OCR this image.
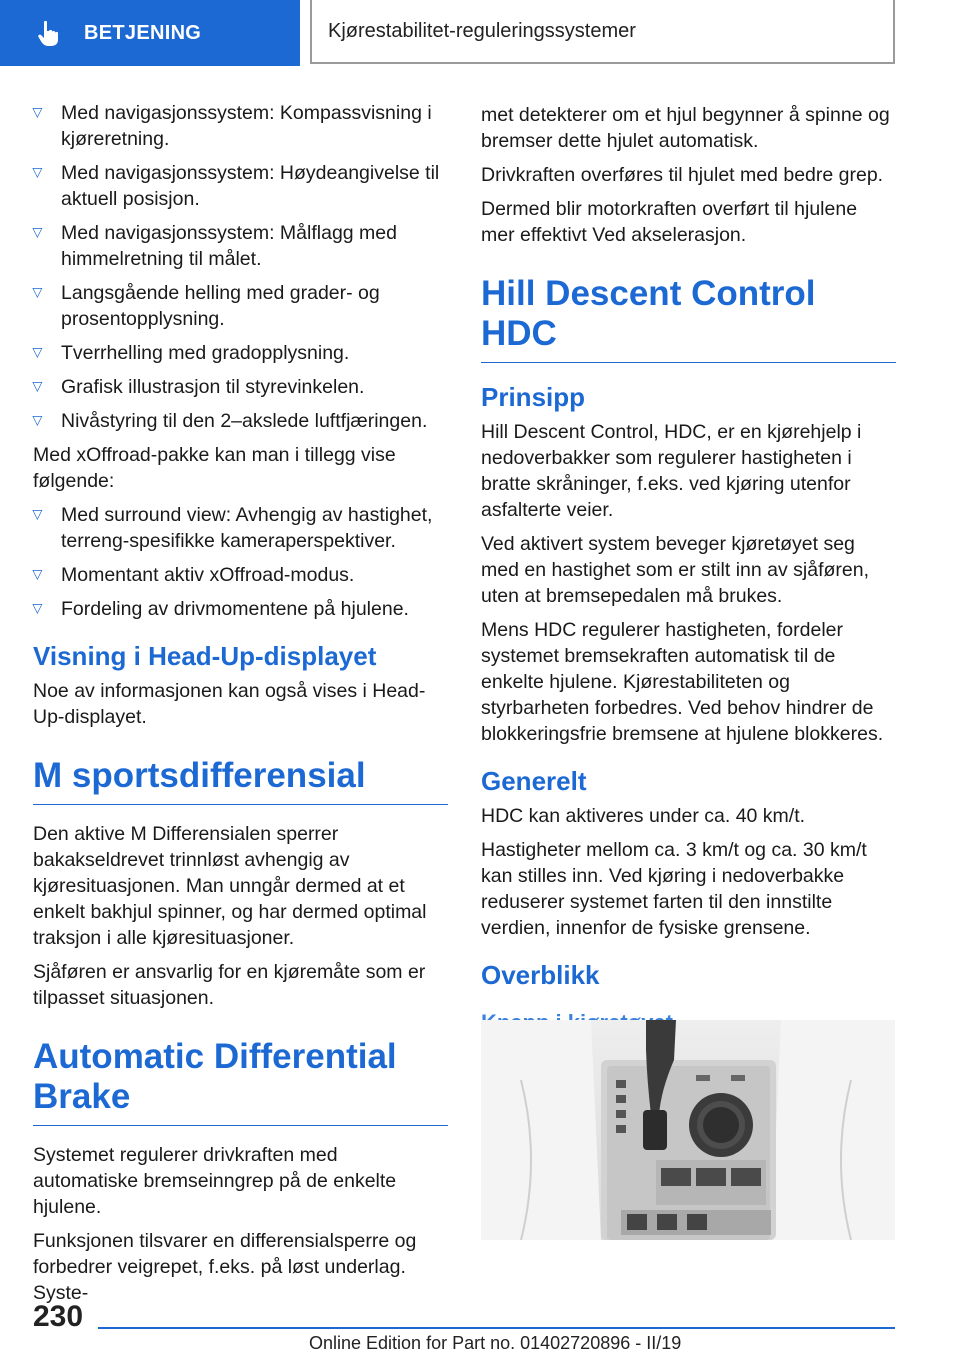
BETJENING	Kjørestabilitet-reguleringssystemer
▷ Med navigasjonssystem: Kompassvisning i kjøreretning.
▷ Med navigasjonssystem: Høydeangivelse til aktuell posisjon.
▷ Med navigasjonssystem: Målflagg med himmelretning til målet.
▷ Langsgående helling med grader- og prosentopplysning.
▷ Tverrhelling med gradopplysning.
▷ Grafisk illustrasjon til styrevinkelen.
▷ Nivåstyring til den 2–akslede luftfjæringen.

Med xOffroad-pakke kan man i tillegg vise følgende:

▷ Med surround view: Avhengig av hastighet, terreng-spesifikke kameraperspektiver.
▷ Momentant aktiv xOffroad-modus.
▷ Fordeling av drivmomentene på hjulene.
Visning i Head-Up-displayet

Noe av informasjonen kan også vises i Head-Up-displayet.

M sportsdifferensial

Den aktive M Differensialen sperrer bakakseldrevet trinnløst avhengig av kjøresituasjonen. Man unngår dermed at et enkelt bakhjul spinner, og har dermed optimal traksjon i alle kjøresituasjoner.

Sjåføren er ansvarlig for en kjøremåte som er tilpasset situasjonen.

Automatic Differential Brake

Systemet regulerer drivkraften med automatiske bremseinngrep på de enkelte hjulene.

Funksjonen tilsvarer en differensialsperre og forbedrer veigrepet, f.eks. på løst underlag. Syste-

met detekterer om et hjul begynner å spinne og bremser dette hjulet automatisk.

Drivkraften overføres til hjulet med bedre grep.

Dermed blir motorkraften overført til hjulene mer effektivt Ved akselerasjon.

Hill Descent Control HDC
Prinsipp

Hill Descent Control, HDC, er en kjørehjelp i nedoverbakker som regulerer hastigheten i bratte skråninger, f.eks. ved kjøring utenfor asfalterte veier.

Ved aktivert system beveger kjøretøyet seg med en hastighet som er stilt inn av sjåføren, uten at bremsepedalen må brukes.

Mens HDC regulerer hastigheten, fordeler systemet bremsekraften automatisk til de enkelte hjulene. Kjørestabiliteten og styrbarheten forbedres. Ved behov hindrer de blokkeringsfrie bremsene at hjulene blokkeres.

Generelt

HDC kan aktiveres under ca. 40 km/t.

Hastigheter mellom ca. 3 km/t og ca. 30 km/t kan stilles inn. Ved kjøring i nedoverbakke reduserer systemet farten til den innstilte verdien, innenfor de fysiske grensene.

Overblikk
230
Online Edition for Part no. 01402720896 - II/19
